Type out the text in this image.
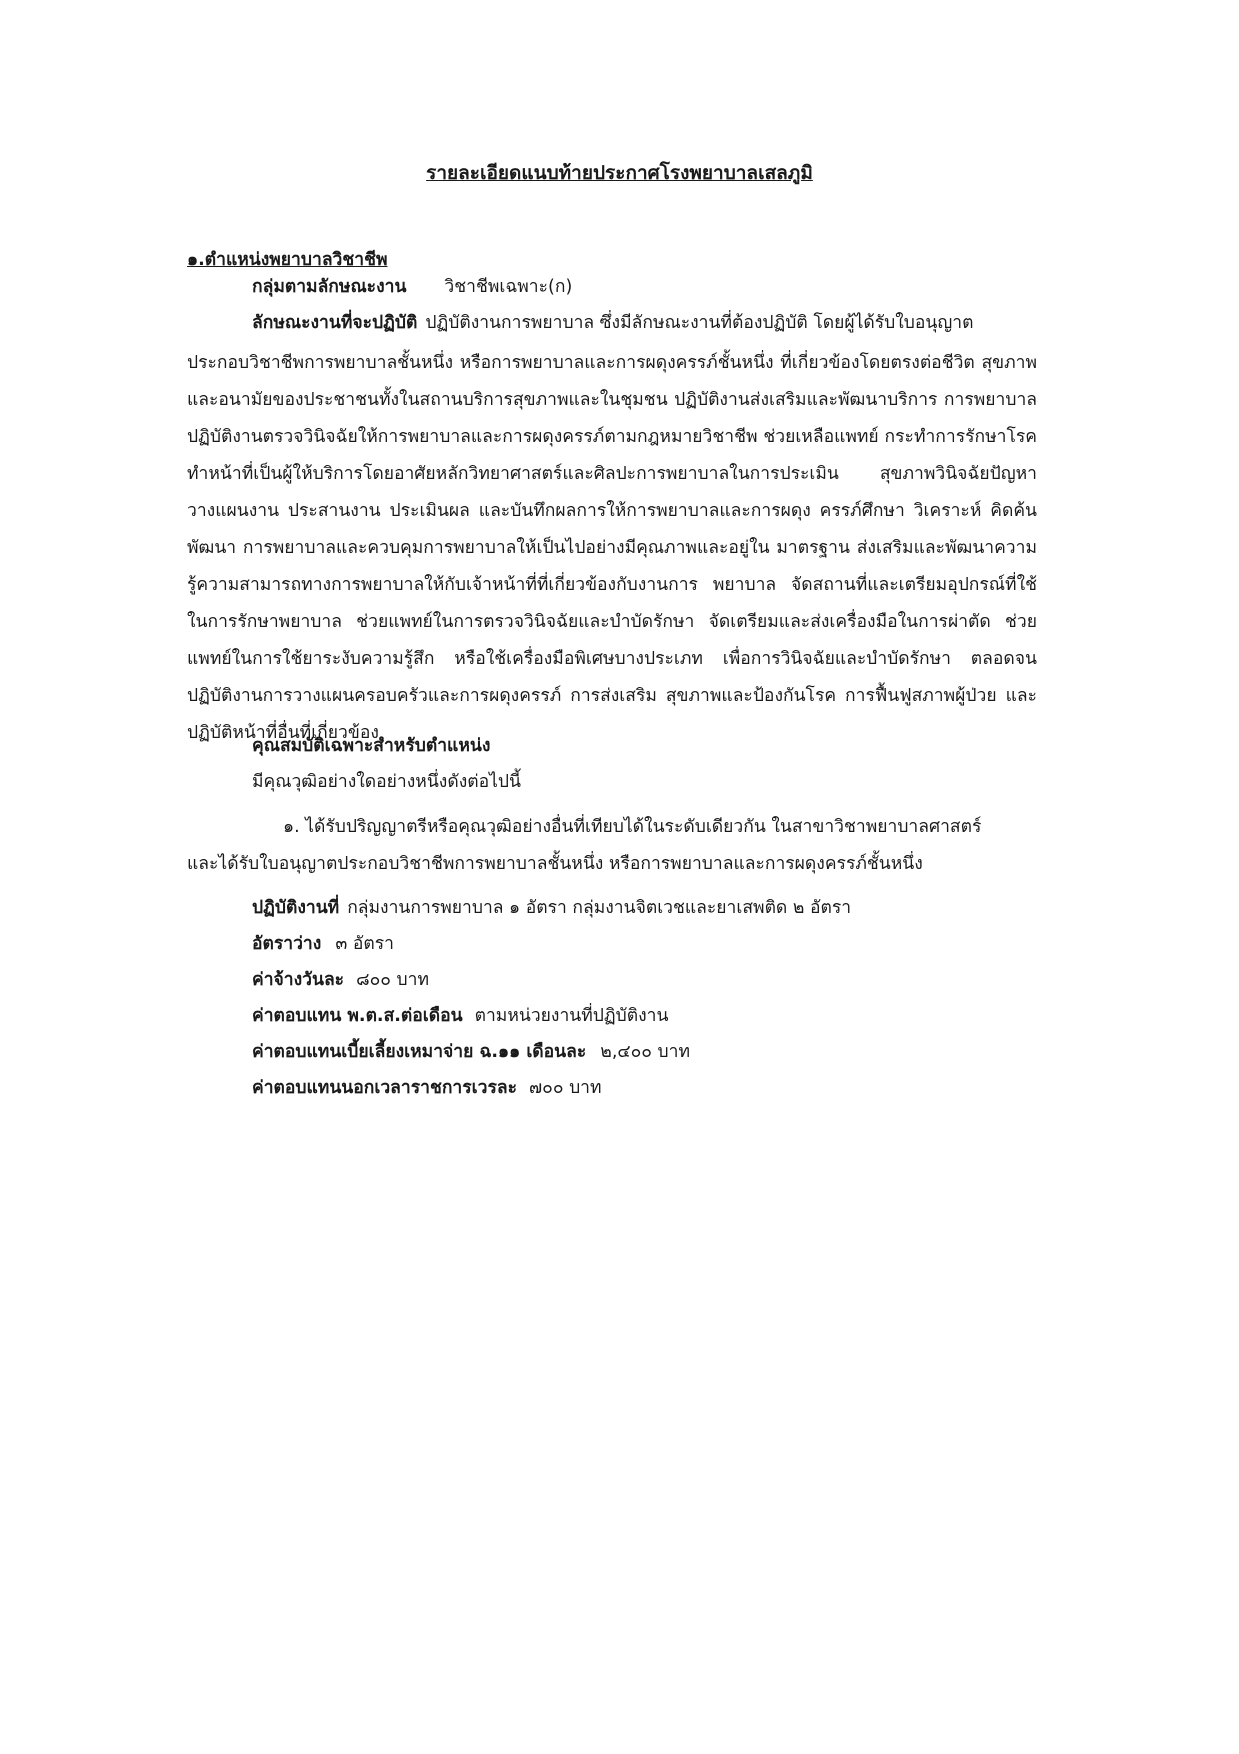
รายละเอียดแนบท้ายประกาศโรงพยาบาลเสลภูมิ
๑.ตำแหน่งพยาบาลวิชาชีพ
กลุ่มตามลักษณะงาน วิชาชีพเฉพาะ(ก)
ลักษณะงานที่จะปฏิบัติ ปฏิบัติงานการพยาบาล ซึ่งมีลักษณะงานที่ต้องปฏิบัติ โดยผู้ได้รับใบอนุญาต
ประกอบวิชาชีพการพยาบาลชั้นหนึ่ง หรือการพยาบาลและการผดุงครรภ์ชั้นหนึ่ง ที่เกี่ยวข้องโดยตรงต่อชีวิต สุขภาพและอนามัยของประชาชนทั้งในสถานบริการสุขภาพและในชุมชน ปฏิบัติงานส่งเสริมและพัฒนาบริการ การพยาบาลปฏิบัติงานตรวจวินิจฉัยให้การพยาบาลและการผดุงครรภ์ตามกฎหมายวิชาชีพ ช่วยเหลือแพทย์ กระทำการรักษาโรค ทำหน้าที่เป็นผู้ให้บริการโดยอาศัยหลักวิทยาศาสตร์และศิลปะการพยาบาลในการประเมิน สุขภาพวินิจฉัยปัญหา วางแผนงาน ประสานงาน ประเมินผล และบันทึกผลการให้การพยาบาลและการผดุง ครรภ์ศึกษา วิเคราะห์ คิดค้น พัฒนา การพยาบาลและควบคุมการพยาบาลให้เป็นไปอย่างมีคุณภาพและอยู่ใน มาตรฐาน ส่งเสริมและพัฒนาความรู้ความสามารถทางการพยาบาลให้กับเจ้าหน้าที่ที่เกี่ยวข้องกับงานการ พยาบาล จัดสถานที่และเตรียมอุปกรณ์ที่ใช้ในการรักษาพยาบาล ช่วยแพทย์ในการตรวจวินิจฉัยและบำบัดรักษา จัดเตรียมและส่งเครื่องมือในการผ่าตัด ช่วยแพทย์ในการใช้ยาระงับความรู้สึก หรือใช้เครื่องมือพิเศษบางประเภท เพื่อการวินิจฉัยและบำบัดรักษา ตลอดจนปฏิบัติงานการวางแผนครอบครัวและการผดุงครรภ์ การส่งเสริม สุขภาพและป้องกันโรค การฟื้นฟูสภาพผู้ป่วย และปฏิบัติหน้าที่อื่นที่เกี่ยวข้อง
คุณสมบัติเฉพาะสำหรับตำแหน่ง
มีคุณวุฒิอย่างใดอย่างหนึ่งดังต่อไปนี้
๑. ได้รับปริญญาตรีหรือคุณวุฒิอย่างอื่นที่เทียบได้ในระดับเดียวกัน ในสาขาวิชาพยาบาลศาสตร์
และได้รับใบอนุญาตประกอบวิชาชีพการพยาบาลชั้นหนึ่ง หรือการพยาบาลและการผดุงครรภ์ชั้นหนึ่ง
ปฏิบัติงานที่ กลุ่มงานการพยาบาล ๑ อัตรา กลุ่มงานจิตเวชและยาเสพติด ๒ อัตรา
อัตราว่าง ๓ อัตรา
ค่าจ้างวันละ ๘๐๐ บาท
ค่าตอบแทน พ.ต.ส.ต่อเดือน ตามหน่วยงานที่ปฏิบัติงาน
ค่าตอบแทนเบี้ยเลี้ยงเหมาจ่าย ฉ.๑๑ เดือนละ ๒,๔๐๐ บาท
ค่าตอบแทนนอกเวลาราชการเวรละ ๗๐๐ บาท
